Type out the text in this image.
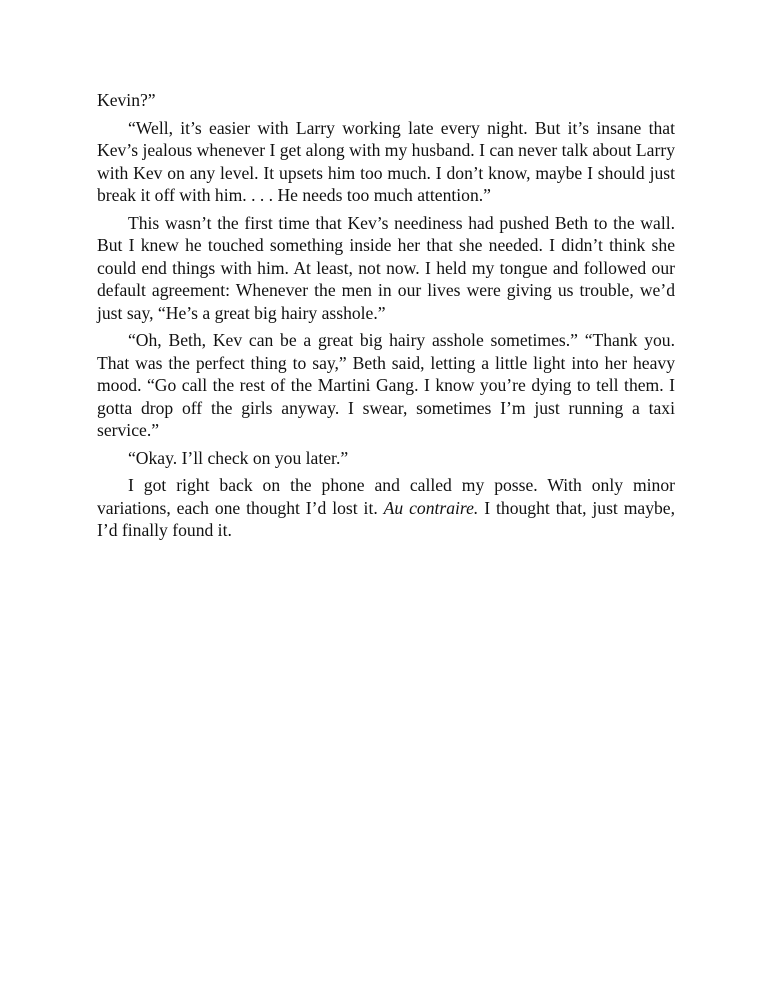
Kevin?”

“Well, it’s easier with Larry working late every night. But it’s insane that Kev’s jealous whenever I get along with my husband. I can never talk about Larry with Kev on any level. It upsets him too much. I don’t know, maybe I should just break it off with him. . . . He needs too much attention.”

This wasn’t the first time that Kev’s neediness had pushed Beth to the wall. But I knew he touched something inside her that she needed. I didn’t think she could end things with him. At least, not now. I held my tongue and followed our default agreement: Whenever the men in our lives were giving us trouble, we’d just say, “He’s a great big hairy asshole.”

“Oh, Beth, Kev can be a great big hairy asshole sometimes.” “Thank you. That was the perfect thing to say,” Beth said, letting a little light into her heavy mood. “Go call the rest of the Martini Gang. I know you’re dying to tell them. I gotta drop off the girls anyway. I swear, sometimes I’m just running a taxi service.”

“Okay. I’ll check on you later.”

I got right back on the phone and called my posse. With only minor variations, each one thought I’d lost it. Au contraire. I thought that, just maybe, I’d finally found it.
